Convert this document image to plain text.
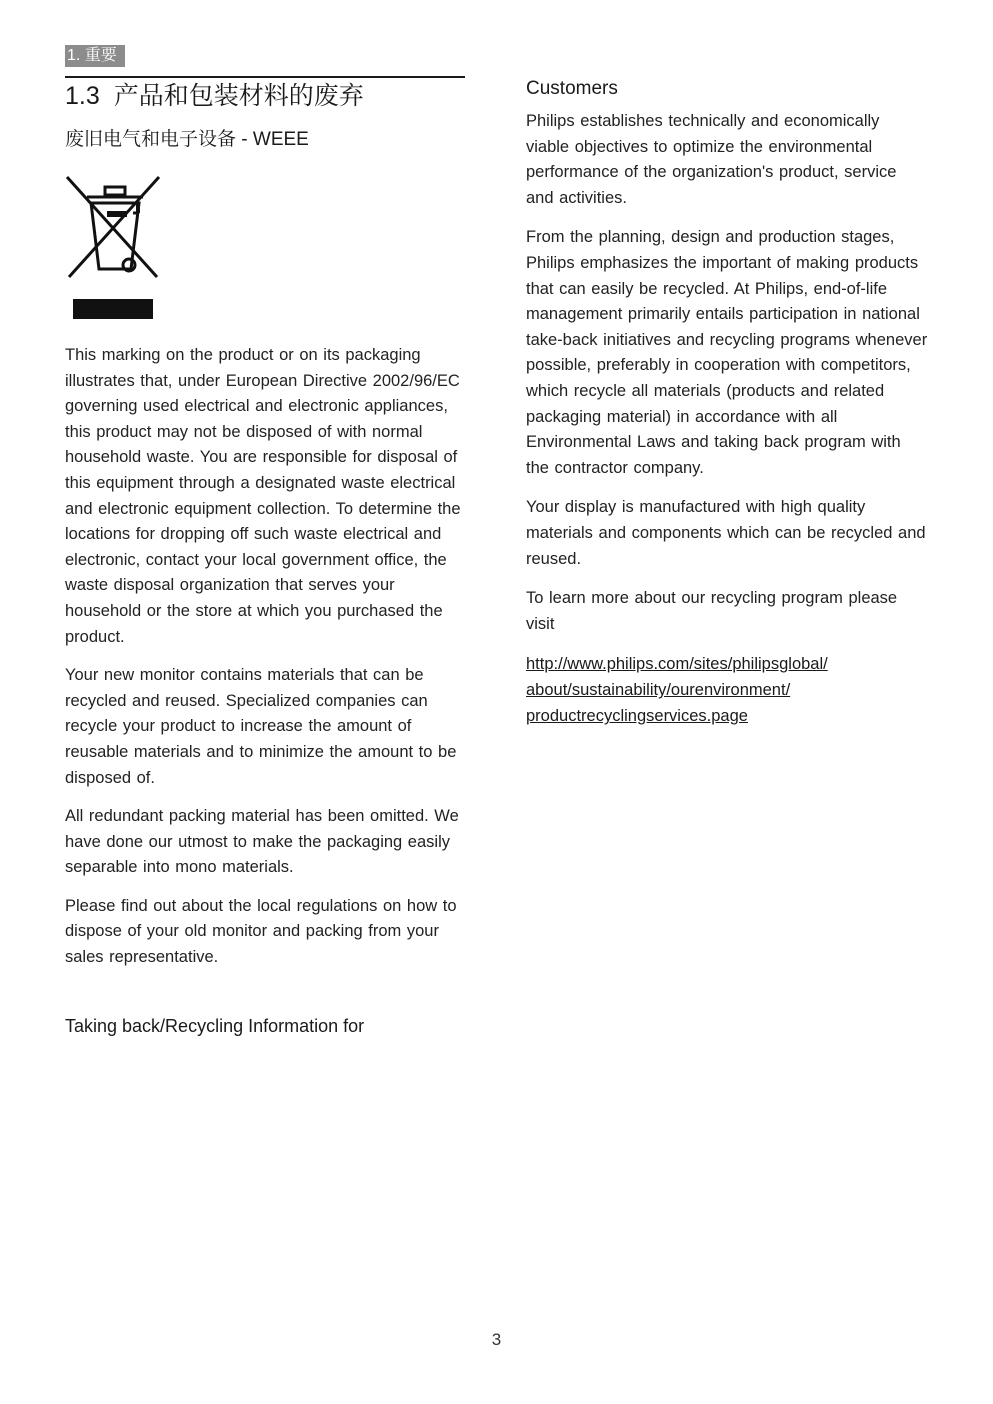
1. 重要
1.3 产品和包装材料的废弃
废旧电气和电子设备 - WEEE

This marking on the product or on its packaging illustrates that, under European Directive 2002/96/EC governing used electrical and electronic appliances, this product may not be disposed of with normal household waste. You are responsible for disposal of this equipment through a designated waste electrical and electronic equipment collection. To determine the locations for dropping off such waste electrical and electronic, contact your local government office, the waste disposal organization that serves your household or the store at which you purchased the product.

Your new monitor contains materials that can be recycled and reused. Specialized companies can recycle your product to increase the amount of reusable materials and to minimize the amount to be disposed of.

All redundant packing material has been omitted. We have done our utmost to make the packaging easily separable into mono materials.

Please find out about the local regulations on how to dispose of your old monitor and packing from your sales representative.

Taking back/Recycling Information for
Customers

Philips establishes technically and economically viable objectives to optimize the environmental performance of the organization's product, service and activities.

From the planning, design and production stages, Philips emphasizes the important of making products that can easily be recycled. At Philips, end-of-life management primarily entails participation in national take-back initiatives and recycling programs whenever possible, preferably in cooperation with competitors, which recycle all materials (products and related packaging material) in accordance with all Environmental Laws and taking back program with the contractor company.

Your display is manufactured with high quality materials and components which can be recycled and reused.

To learn more about our recycling program please visit

http://www.philips.com/sites/philipsglobal/
about/sustainability/ourenvironment/
productrecyclingservices.page
3
